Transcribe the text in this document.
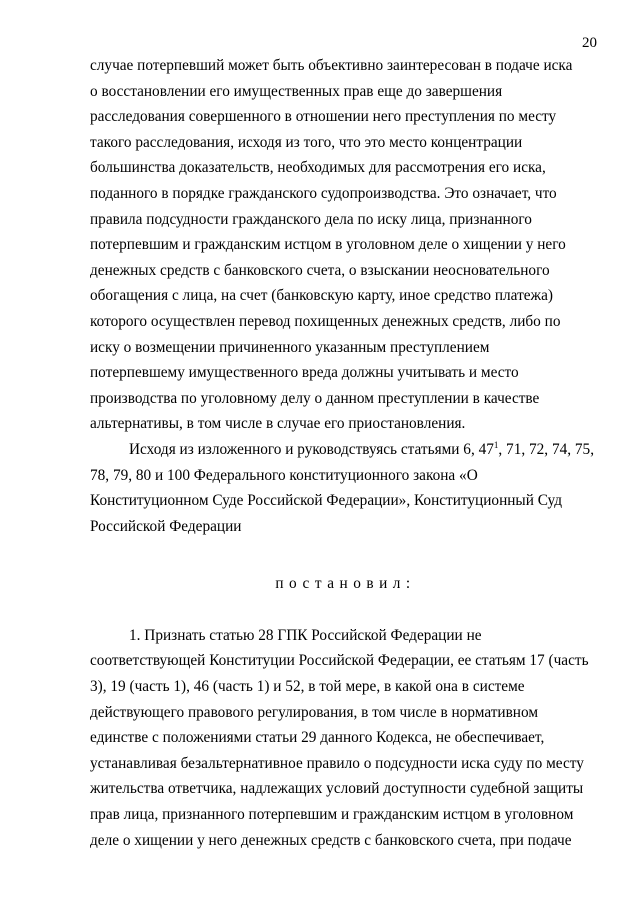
20
случае потерпевший может быть объективно заинтересован в подаче иска
о восстановлении его имущественных прав еще до завершения
расследования совершенного в отношении него преступления по месту
такого расследования, исходя из того, что это место концентрации
большинства доказательств, необходимых для рассмотрения его иска,
поданного в порядке гражданского судопроизводства. Это означает, что
правила подсудности гражданского дела по иску лица, признанного
потерпевшим и гражданским истцом в уголовном деле о хищении у него
денежных средств с банковского счета, о взыскании неосновательного
обогащения с лица, на счет (банковскую карту, иное средство платежа)
которого осуществлен перевод похищенных денежных средств, либо по
иску о возмещении причиненного указанным преступлением
потерпевшему имущественного вреда должны учитывать и место
производства по уголовному делу о данном преступлении в качестве
альтернативы, в том числе в случае его приостановления.
Исходя из изложенного и руководствуясь статьями 6, $47^1$, 71, 72, 74, 75,
78, 79, 80 и 100 Федерального конституционного закона «О
Конституционном Суде Российской Федерации», Конституционный Суд
Российской Федерации
постановил:
1. Признать статью 28 ГПК Российской Федерации не
соответствующей Конституции Российской Федерации, ее статьям 17 (часть
3), 19 (часть 1), 46 (часть 1) и 52, в той мере, в какой она в системе
действующего правового регулирования, в том числе в нормативном
единстве с положениями статьи 29 данного Кодекса, не обеспечивает,
устанавливая безальтернативное правило о подсудности иска суду по месту
жительства ответчика, надлежащих условий доступности судебной защиты
прав лица, признанного потерпевшим и гражданским истцом в уголовном
деле о хищении у него денежных средств с банковского счета, при подаче
